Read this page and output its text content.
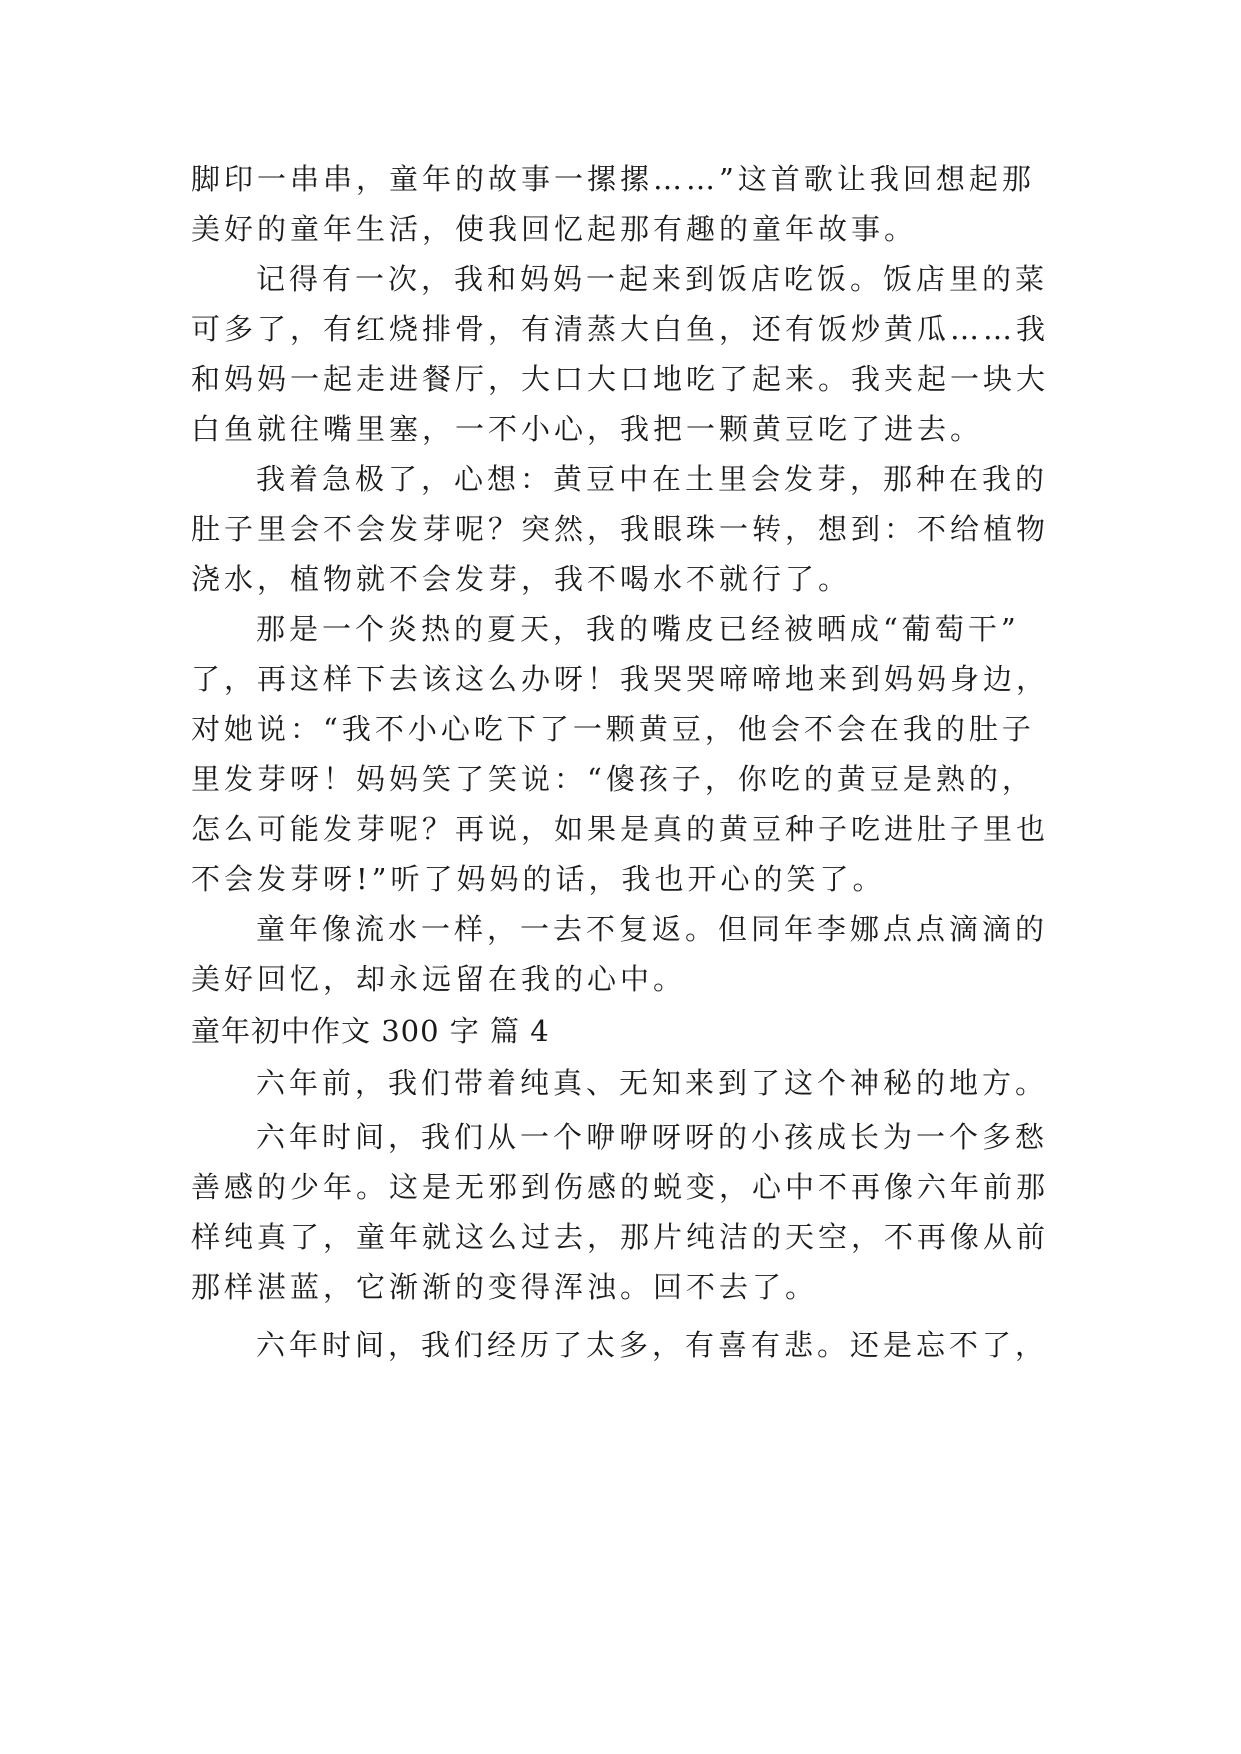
脚印一串串，童年的故事一摞摞……”这首歌让我回想起那
美好的童年生活，使我回忆起那有趣的童年故事。
记得有一次，我和妈妈一起来到饭店吃饭。饭店里的菜
可多了，有红烧排骨，有清蒸大白鱼，还有饭炒黄瓜……我
和妈妈一起走进餐厅，大口大口地吃了起来。我夹起一块大
白鱼就往嘴里塞，一不小心，我把一颗黄豆吃了进去。
我着急极了，心想：黄豆中在土里会发芽，那种在我的
肚子里会不会发芽呢？突然，我眼珠一转，想到：不给植物
浇水，植物就不会发芽，我不喝水不就行了。
那是一个炎热的夏天，我的嘴皮已经被晒成“葡萄干”
了，再这样下去该这么办呀！我哭哭啼啼地来到妈妈身边，
对她说：“我不小心吃下了一颗黄豆，他会不会在我的肚子
里发芽呀！妈妈笑了笑说：“傻孩子，你吃的黄豆是熟的，
怎么可能发芽呢？再说，如果是真的黄豆种子吃进肚子里也
不会发芽呀!”听了妈妈的话，我也开心的笑了。
童年像流水一样，一去不复返。但同年李娜点点滴滴的
美好回忆，却永远留在我的心中。
童年初中作文 300 字 篇 4
六年前，我们带着纯真、无知来到了这个神秘的地方。
六年时间，我们从一个咿咿呀呀的小孩成长为一个多愁
善感的少年。这是无邪到伤感的蜕变，心中不再像六年前那
样纯真了，童年就这么过去，那片纯洁的天空，不再像从前
那样湛蓝，它渐渐的变得浑浊。回不去了。
六年时间，我们经历了太多，有喜有悲。还是忘不了，
